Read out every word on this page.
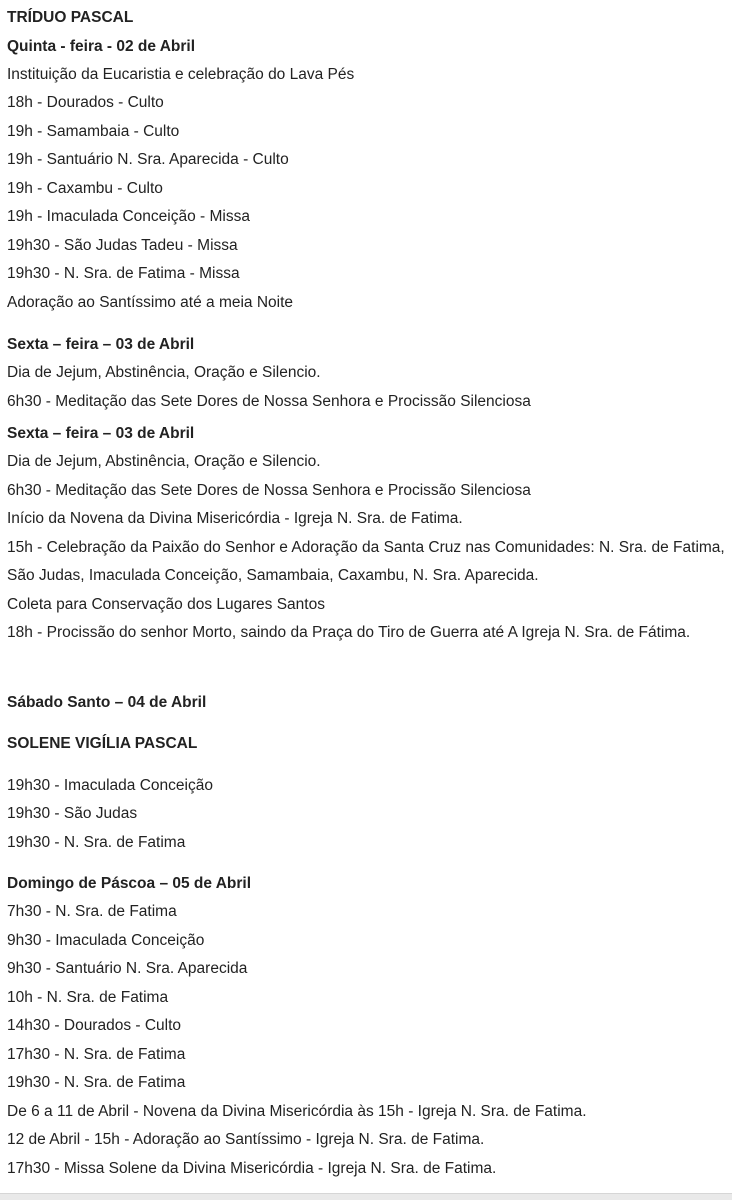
TRÍDUO PASCAL
Quinta - feira - 02 de Abril
Instituição da Eucaristia e celebração do Lava Pés
18h - Dourados - Culto
19h - Samambaia - Culto
19h - Santuário N. Sra. Aparecida - Culto
19h - Caxambu - Culto
19h - Imaculada Conceição - Missa
19h30 - São Judas Tadeu - Missa
19h30 - N. Sra. de Fatima - Missa
Adoração ao Santíssimo até a meia Noite
Sexta – feira – 03 de Abril
Dia de Jejum, Abstinência, Oração e Silencio.
6h30 - Meditação das Sete Dores de Nossa Senhora e Procissão Silenciosa
Sexta – feira – 03 de Abril
Dia de Jejum, Abstinência, Oração e Silencio.
6h30 - Meditação das Sete Dores de Nossa Senhora e Procissão Silenciosa
Início da Novena da Divina Misericórdia - Igreja N. Sra. de Fatima.
15h - Celebração da Paixão do Senhor e Adoração da Santa Cruz nas Comunidades: N. Sra. de Fatima, São Judas, Imaculada Conceição, Samambaia, Caxambu, N. Sra. Aparecida.
Coleta para Conservação dos Lugares Santos
18h - Procissão do senhor Morto, saindo da Praça do Tiro de Guerra até A Igreja N. Sra. de Fátima.
Sábado Santo – 04 de Abril
SOLENE VIGÍLIA PASCAL
19h30 - Imaculada Conceição
19h30 - São Judas
19h30 - N. Sra. de Fatima
Domingo de Páscoa – 05 de Abril
7h30 - N. Sra. de Fatima
9h30 - Imaculada Conceição
9h30 - Santuário N. Sra. Aparecida
10h - N. Sra. de Fatima
14h30 - Dourados - Culto
17h30 - N. Sra. de Fatima
19h30 - N. Sra. de Fatima
De 6 a 11 de Abril - Novena da Divina Misericórdia às 15h - Igreja N. Sra. de Fatima.
12 de Abril - 15h - Adoração ao Santíssimo - Igreja N. Sra. de Fatima.
17h30 - Missa Solene da Divina Misericórdia - Igreja N. Sra. de Fatima.
